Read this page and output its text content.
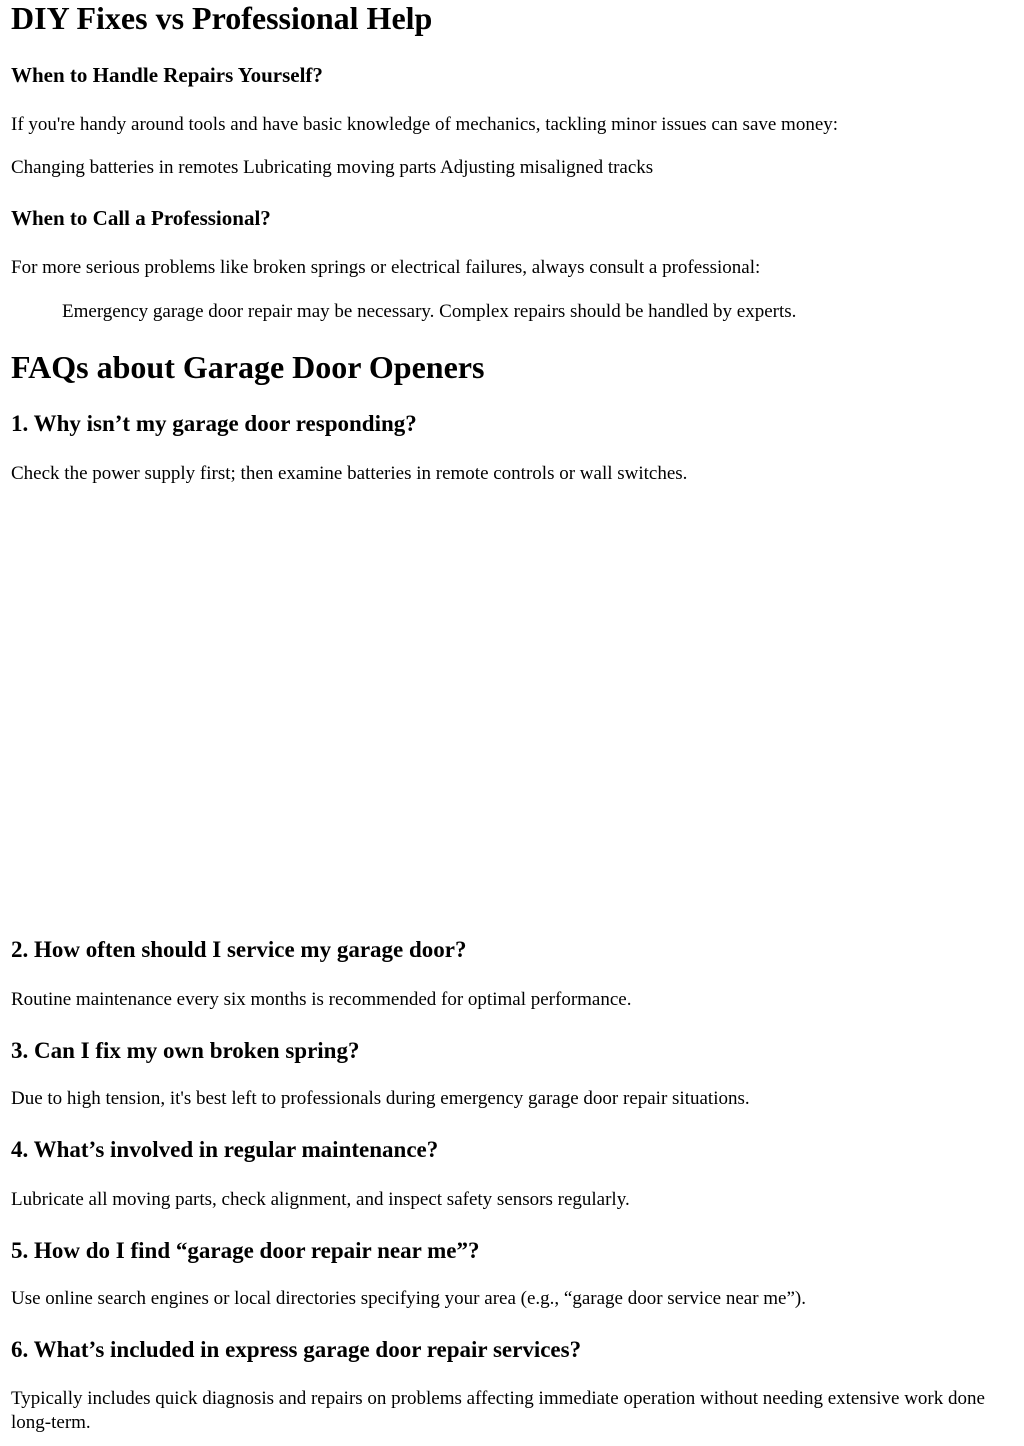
DIY Fixes vs Professional Help
When to Handle Repairs Yourself?

If you're handy around tools and have basic knowledge of mechanics, tackling minor issues can save money:

Changing batteries in remotes Lubricating moving parts Adjusting misaligned tracks

When to Call a Professional?

For more serious problems like broken springs or electrical failures, always consult a professional:

Emergency garage door repair may be necessary. Complex repairs should be handled by experts.

FAQs about Garage Door Openers
1. Why isn’t my garage door responding?

Check the power supply first; then examine batteries in remote controls or wall switches.

2. How often should I service my garage door?

Routine maintenance every six months is recommended for optimal performance.

3. Can I fix my own broken spring?

Due to high tension, it's best left to professionals during emergency garage door repair situations.

4. What’s involved in regular maintenance?

Lubricate all moving parts, check alignment, and inspect safety sensors regularly.

5. How do I find “garage door repair near me”?

Use online search engines or local directories specifying your area (e.g., “garage door service near me”).

6. What’s included in express garage door repair services?

Typically includes quick diagnosis and repairs on problems affecting immediate operation without needing extensive work done long-term.
